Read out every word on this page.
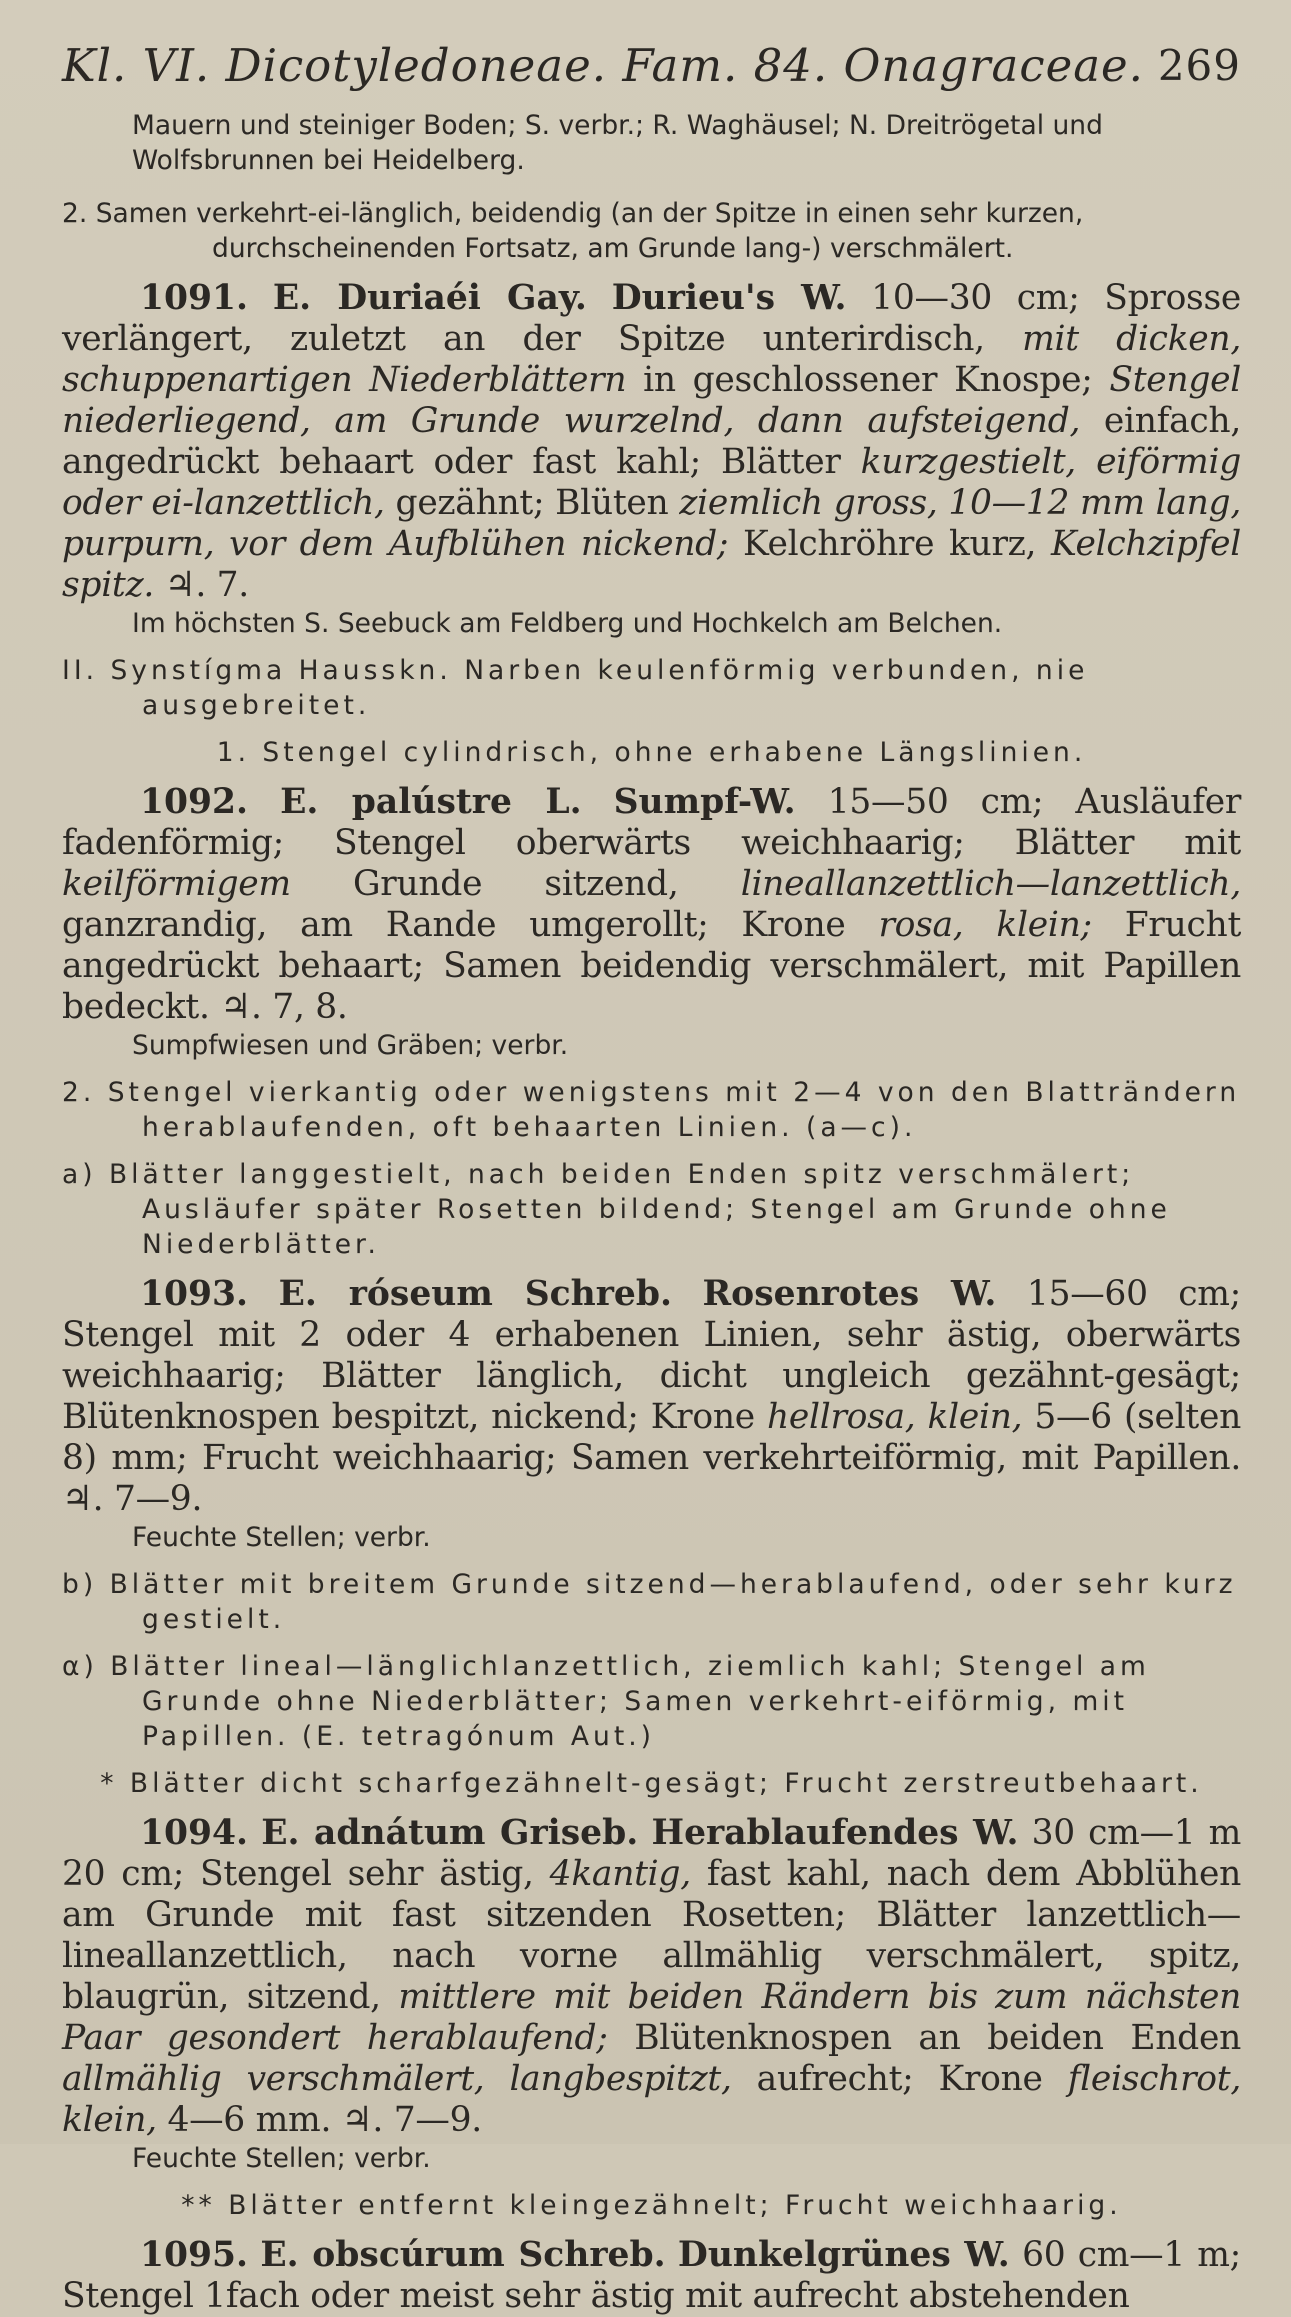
Kl. VI. Dicotyledoneae. Fam. 84. Onagraceae. 269

Mauern und steiniger Boden; S. verbr.; R. Waghäusel; N. Dreitrögetal und Wolfsbrunnen bei Heidelberg.

2. Samen verkehrt-ei-länglich, beidendig (an der Spitze in einen sehr kurzen, durchscheinenden Fortsatz, am Grunde lang-) verschmälert.

1091. E. Duriaéi Gay. Durieu's W. 10—30 cm; Sprosse verlängert, zuletzt an der Spitze unterirdisch, mit dicken, schuppenartigen Niederblättern in geschlossener Knospe; Stengel niederliegend, am Grunde wurzelnd, dann aufsteigend, einfach, angedrückt behaart oder fast kahl; Blätter kurzgestielt, eiförmig oder ei-lanzettlich, gezähnt; Blüten ziemlich gross, 10—12 mm lang, purpurn, vor dem Aufblühen nickend; Kelchröhre kurz, Kelchzipfel spitz. ♃. 7.

Im höchsten S. Seebuck am Feldberg und Hochkelch am Belchen.

II. Synstígma Hausskn. Narben keulenförmig verbunden, nie ausgebreitet.

1. Stengel cylindrisch, ohne erhabene Längslinien.

1092. E. palústre L. Sumpf-W. 15—50 cm; Ausläufer fadenförmig; Stengel oberwärts weichhaarig; Blätter mit keilförmigem Grunde sitzend, lineallanzettlich—lanzettlich, ganzrandig, am Rande umgerollt; Krone rosa, klein; Frucht angedrückt behaart; Samen beidendig verschmälert, mit Papillen bedeckt. ♃. 7, 8.

Sumpfwiesen und Gräben; verbr.

2. Stengel vierkantig oder wenigstens mit 2—4 von den Blatträndern herablaufenden, oft behaarten Linien. (a—c).

a) Blätter langgestielt, nach beiden Enden spitz verschmälert; Ausläufer später Rosetten bildend; Stengel am Grunde ohne Niederblätter.

1093. E. róseum Schreb. Rosenrotes W. 15—60 cm; Stengel mit 2 oder 4 erhabenen Linien, sehr ästig, oberwärts weichhaarig; Blätter länglich, dicht ungleich gezähnt-gesägt; Blütenknospen bespitzt, nickend; Krone hellrosa, klein, 5—6 (selten 8) mm; Frucht weichhaarig; Samen verkehrteiförmig, mit Papillen. ♃. 7—9.

Feuchte Stellen; verbr.

b) Blätter mit breitem Grunde sitzend—herablaufend, oder sehr kurz gestielt.

α) Blätter lineal—länglichlanzettlich, ziemlich kahl; Stengel am Grunde ohne Niederblätter; Samen verkehrt-eiförmig, mit Papillen. (E. tetragónum Aut.)

* Blätter dicht scharfgezähnelt-gesägt; Frucht zerstreutbehaart.

1094. E. adnátum Griseb. Herablaufendes W. 30 cm—1 m 20 cm; Stengel sehr ästig, 4kantig, fast kahl, nach dem Abblühen am Grunde mit fast sitzenden Rosetten; Blätter lanzettlich—lineallanzettlich, nach vorne allmählig verschmälert, spitz, blaugrün, sitzend, mittlere mit beiden Rändern bis zum nächsten Paar gesondert herablaufend; Blütenknospen an beiden Enden allmählig verschmälert, langbespitzt, aufrecht; Krone fleischrot, klein, 4—6 mm. ♃. 7—9.

Feuchte Stellen; verbr.

** Blätter entfernt kleingezähnelt; Frucht weichhaarig.

1095. E. obscúrum Schreb. Dunkelgrünes W. 60 cm—1 m; Stengel 1fach oder meist sehr ästig mit aufrecht abstehenden
